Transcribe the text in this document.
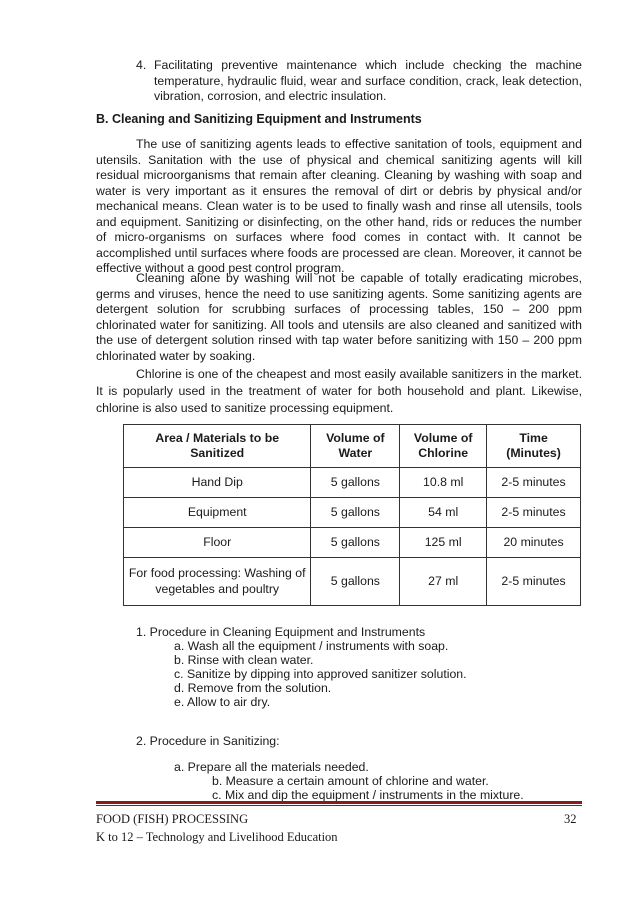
4. Facilitating preventive maintenance which include checking the machine temperature, hydraulic fluid, wear and surface condition, crack, leak detection, vibration, corrosion, and electric insulation.

B. Cleaning and Sanitizing Equipment and Instruments

The use of sanitizing agents leads to effective sanitation of tools, equipment and utensils. Sanitation with the use of physical and chemical sanitizing agents will kill residual microorganisms that remain after cleaning. Cleaning by washing with soap and water is very important as it ensures the removal of dirt or debris by physical and/or mechanical means. Clean water is to be used to finally wash and rinse all utensils, tools and equipment. Sanitizing or disinfecting, on the other hand, rids or reduces the number of micro-organisms on surfaces where food comes in contact with. It cannot be accomplished until surfaces where foods are processed are clean. Moreover, it cannot be effective without a good pest control program.

Cleaning alone by washing will not be capable of totally eradicating microbes, germs and viruses, hence the need to use sanitizing agents. Some sanitizing agents are detergent solution for scrubbing surfaces of processing tables, 150 – 200 ppm chlorinated water for sanitizing. All tools and utensils are also cleaned and sanitized with the use of detergent solution rinsed with tap water before sanitizing with 150 – 200 ppm chlorinated water by soaking.

Chlorine is one of the cheapest and most easily available sanitizers in the market. It is popularly used in the treatment of water for both household and plant. Likewise, chlorine is also used to sanitize processing equipment.

Area / Materials to be Sanitized	Volume of Water	Volume of Chlorine	Time (Minutes)
Hand Dip	5 gallons	10.8 ml	2-5 minutes
Equipment	5 gallons	54 ml	2-5 minutes
Floor	5 gallons	125 ml	20 minutes
For food processing: Washing of vegetables and poultry	5 gallons	27 ml	2-5 minutes
1. Procedure in Cleaning Equipment and Instruments
a. Wash all the equipment / instruments with soap.
b. Rinse with clean water.
c. Sanitize by dipping into approved sanitizer solution.
d. Remove from the solution.
e. Allow to air dry.
2. Procedure in Sanitizing:
a. Prepare all the materials needed.
b. Measure a certain amount of chlorine and water.
c. Mix and dip the equipment / instruments in the mixture.
FOOD (FISH) PROCESSING
K to 12 – Technology and Livelihood Education
32
